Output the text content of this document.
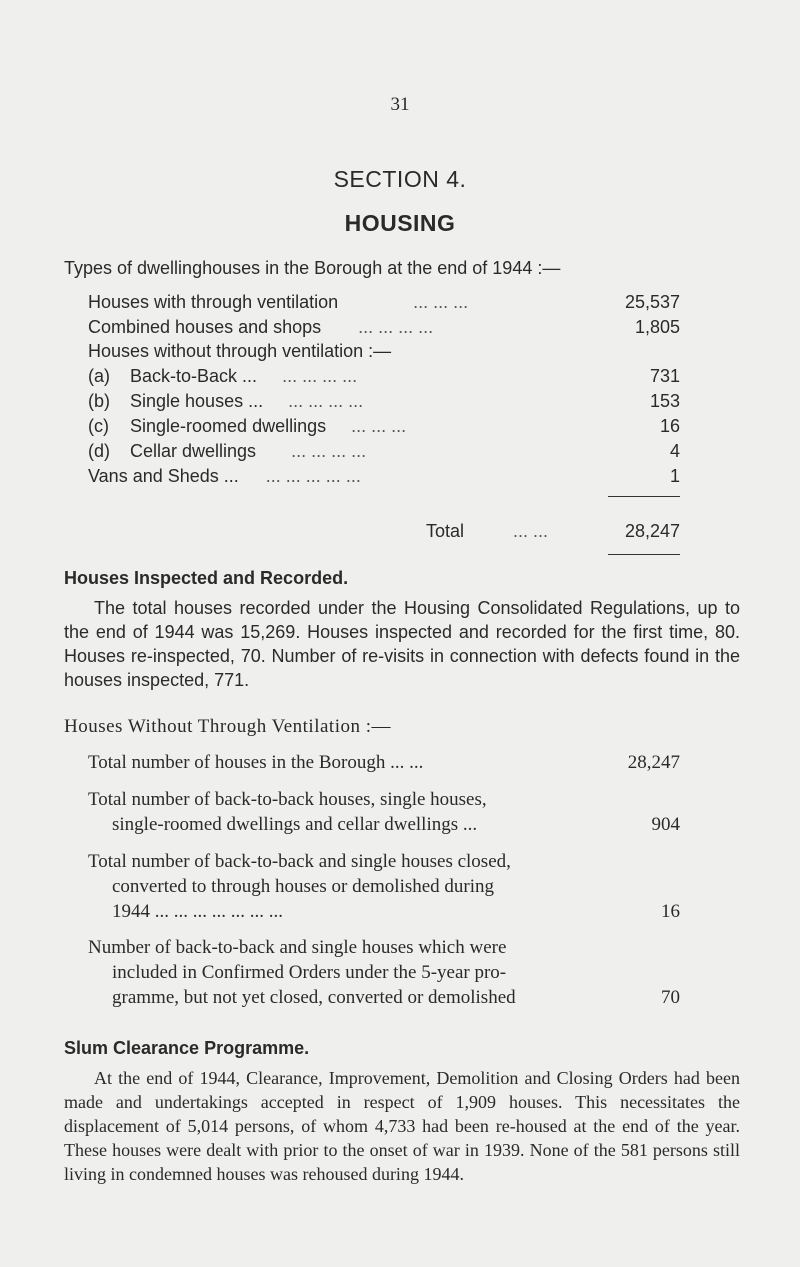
31
SECTION 4.
HOUSING
Types of dwellinghouses in the Borough at the end of 1944 :—
Houses with through ventilation	... ... ...	25,537
Combined houses and shops ... ... ... ...	1,805
Houses without through ventilation :—
(a) Back-to-Back ... ... ... ... ...	731
(b) Single houses ... ... ... ... ...	153
(c) Single-roomed dwellings ... ... ...	16
(d) Cellar dwellings ... ... ... ...	4
Vans and Sheds ... ... ... ... ... ...	1
Total	... ...	28,247
Houses Inspected and Recorded.
The total houses recorded under the Housing Consolidated Regulations, up to the end of 1944 was 15,269. Houses inspected and recorded for the first time, 80. Houses re-inspected, 70. Number of re-visits in connection with defects found in the houses inspected, 771.
Houses Without Through Ventilation :—
Total number of houses in the Borough ... ...	28,247
Total number of back-to-back houses, single houses,
single-roomed dwellings and cellar dwellings ...	904
Total number of back-to-back and single houses closed,
converted to through houses or demolished during
1944 ... ... ... ... ... ... ...	16
Number of back-to-back and single houses which were
included in Confirmed Orders under the 5-year pro-
gramme, but not yet closed, converted or demolished	70
Slum Clearance Programme.
At the end of 1944, Clearance, Improvement, Demolition and Closing Orders had been made and undertakings accepted in respect of 1,909 houses. This necessitates the displacement of 5,014 persons, of whom 4,733 had been re-housed at the end of the year. These houses were dealt with prior to the onset of war in 1939. None of the 581 persons still living in condemned houses was rehoused during 1944.
